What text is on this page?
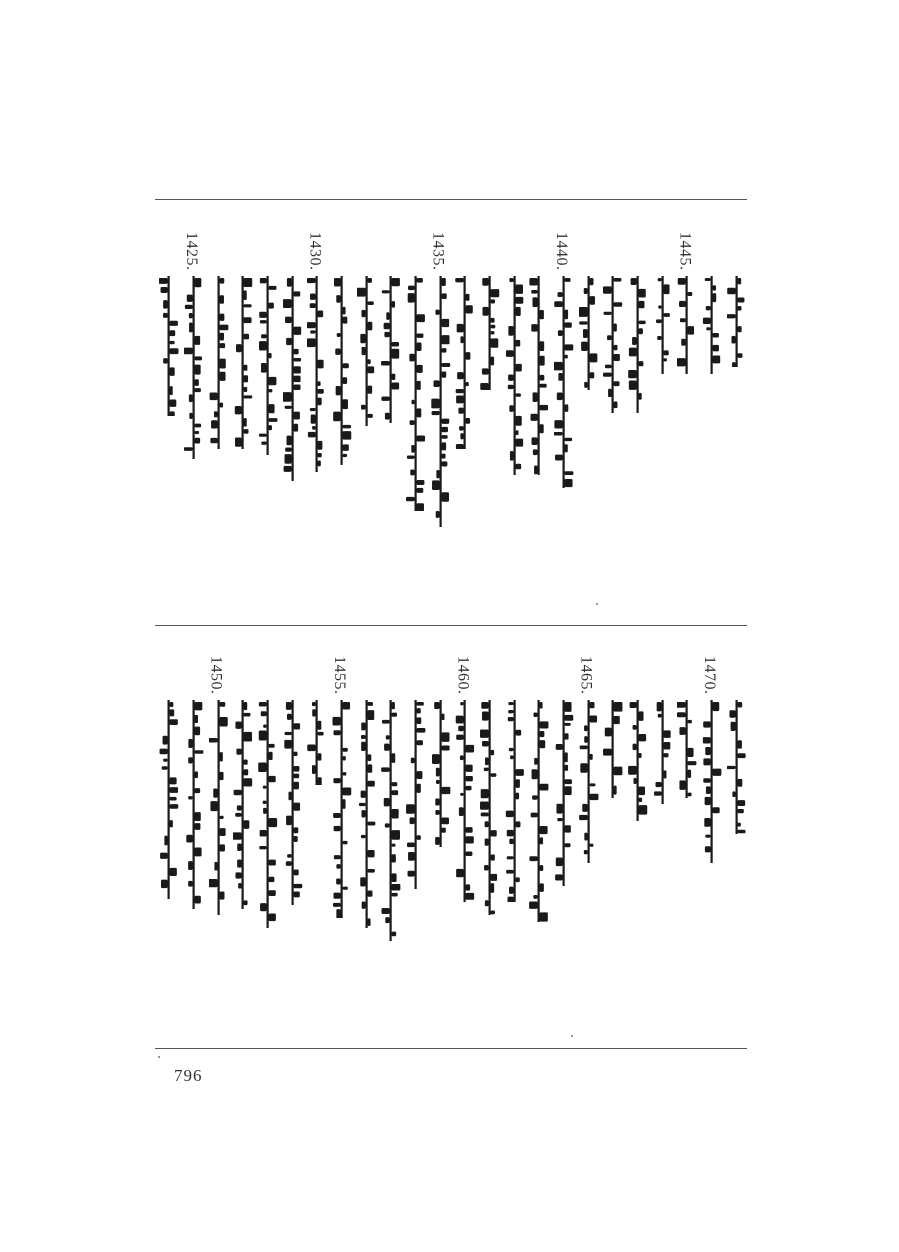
1445.
1440.
1435.
1430.
1425.
1470.
1465.
1460.
1455.
1450.
796
